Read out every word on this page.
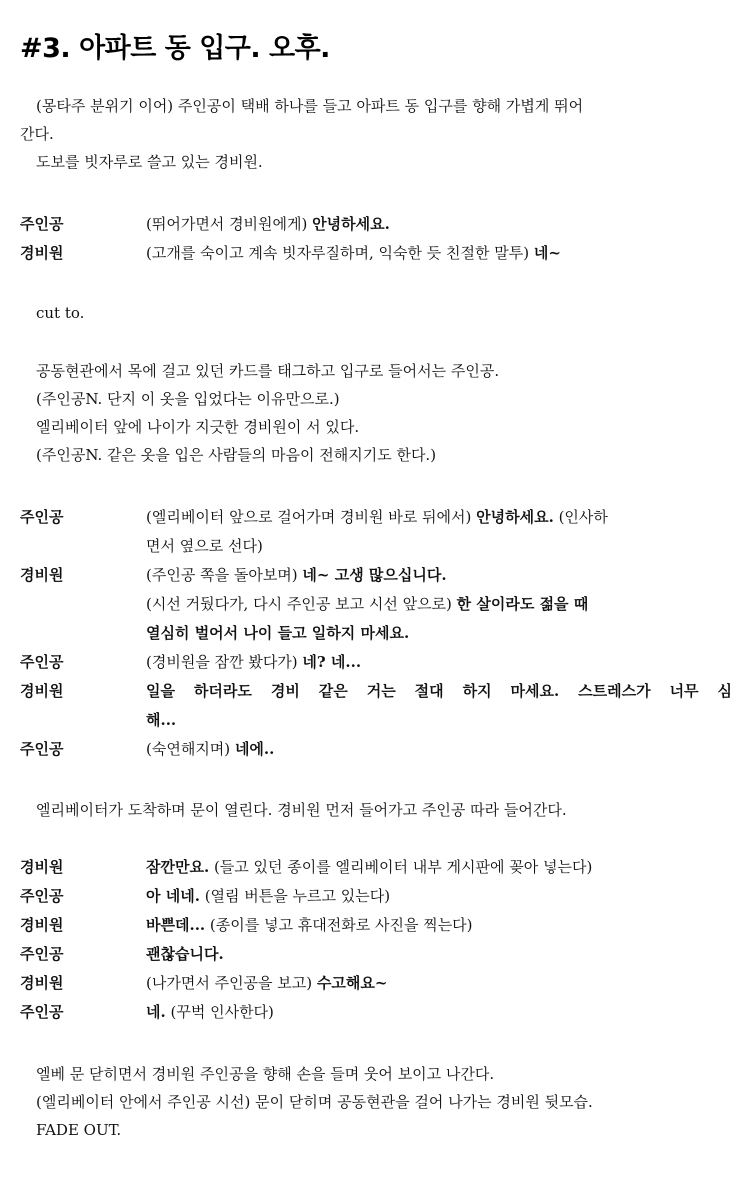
#3. 아파트 동 입구. 오후.
(몽타주 분위기 이어) 주인공이 택배 하나를 들고 아파트 동 입구를 향해 가볍게 뛰어
간다.
도보를 빗자루로 쓸고 있는 경비원.
주인공	(뛰어가면서 경비원에게) 안녕하세요.
경비원	(고개를 숙이고 계속 빗자루질하며, 익숙한 듯 친절한 말투) 네~
cut to.
공동현관에서 목에 걸고 있던 카드를 태그하고 입구로 들어서는 주인공.
(주인공N. 단지 이 옷을 입었다는 이유만으로.)
엘리베이터 앞에 나이가 지긋한 경비원이 서 있다.
(주인공N. 같은 옷을 입은 사람들의 마음이 전해지기도 한다.)
주인공	(엘리베이터 앞으로 걸어가며 경비원 바로 뒤에서) 안녕하세요. (인사하
면서 옆으로 선다)
경비원	(주인공 쪽을 돌아보며) 네~ 고생 많으십니다.
(시선 거뒀다가, 다시 주인공 보고 시선 앞으로) 한 살이라도 젊을 때
열심히 벌어서 나이 들고 일하지 마세요.
주인공	(경비원을 잠깐 봤다가) 네? 네...
경비원	일을 하더라도 경비 같은 거는 절대 하지 마세요. 스트레스가 너무 심
해...
주인공	(숙연해지며) 네에..
엘리베이터가 도착하며 문이 열린다. 경비원 먼저 들어가고 주인공 따라 들어간다.
경비원	잠깐만요. (들고 있던 종이를 엘리베이터 내부 게시판에 꽂아 넣는다)
주인공	아 네네. (열림 버튼을 누르고 있는다)
경비원	바쁜데... (종이를 넣고 휴대전화로 사진을 찍는다)
주인공	괜찮습니다.
경비원	(나가면서 주인공을 보고) 수고해요~
주인공	네. (꾸벅 인사한다)
엘베 문 닫히면서 경비원 주인공을 향해 손을 들며 웃어 보이고 나간다.
(엘리베이터 안에서 주인공 시선) 문이 닫히며 공동현관을 걸어 나가는 경비원 뒷모습.
FADE OUT.
